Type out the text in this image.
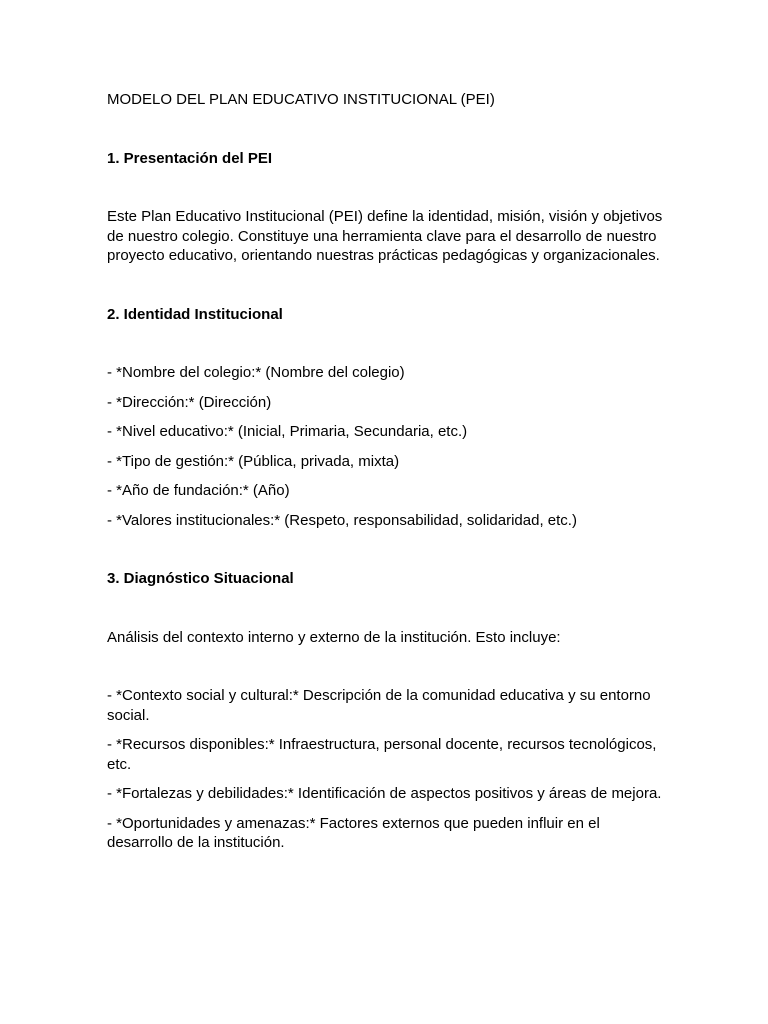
MODELO DEL PLAN EDUCATIVO INSTITUCIONAL (PEI)

1. Presentación del PEI

Este Plan Educativo Institucional (PEI) define la identidad, misión, visión y objetivos de nuestro colegio. Constituye una herramienta clave para el desarrollo de nuestro proyecto educativo, orientando nuestras prácticas pedagógicas y organizacionales.

2. Identidad Institucional

- *Nombre del colegio:* (Nombre del colegio)
- *Dirección:* (Dirección)
- *Nivel educativo:* (Inicial, Primaria, Secundaria, etc.)
- *Tipo de gestión:* (Pública, privada, mixta)
- *Año de fundación:* (Año)
- *Valores institucionales:* (Respeto, responsabilidad, solidaridad, etc.)

3. Diagnóstico Situacional

Análisis del contexto interno y externo de la institución. Esto incluye:

- *Contexto social y cultural:* Descripción de la comunidad educativa y su entorno social.
- *Recursos disponibles:* Infraestructura, personal docente, recursos tecnológicos, etc.
- *Fortalezas y debilidades:* Identificación de aspectos positivos y áreas de mejora.
- *Oportunidades y amenazas:* Factores externos que pueden influir en el desarrollo de la institución.
